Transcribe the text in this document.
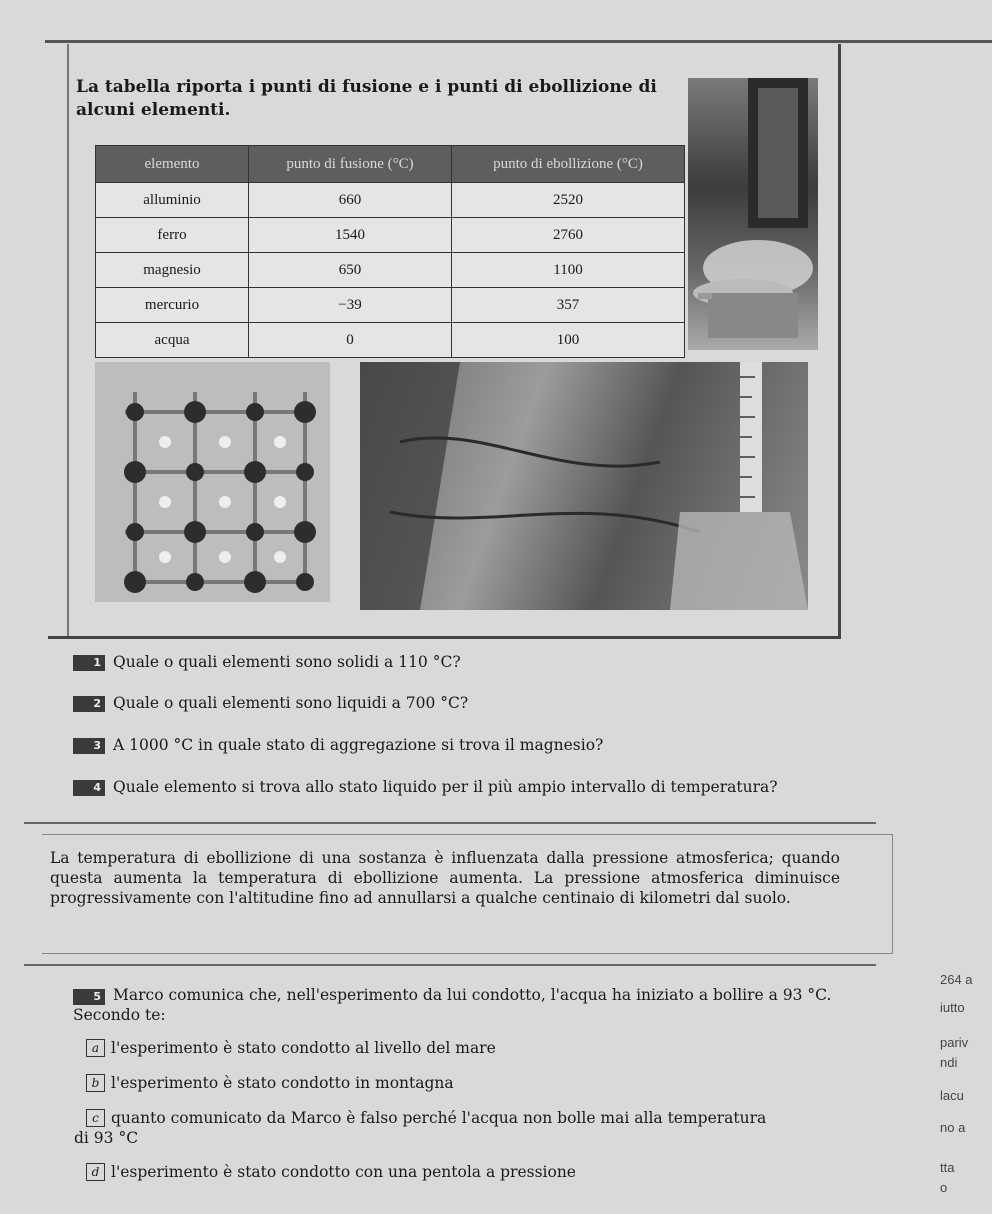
La tabella riporta i punti di fusione e i punti di ebollizione di alcuni elementi.
elemento	punto di fusione (°C)	punto di ebollizione (°C)
alluminio	660	2520
ferro	1540	2760
magnesio	650	1100
mercurio	−39	357
acqua	0	100
1 Quale o quali elementi sono solidi a 110 °C?
2 Quale o quali elementi sono liquidi a 700 °C?
3 A 1000 °C in quale stato di aggregazione si trova il magnesio?
4 Quale elemento si trova allo stato liquido per il più ampio intervallo di temperatura?
La temperatura di ebollizione di una sostanza è influenzata dalla pressione atmosferica; quando questa aumenta la temperatura di ebollizione aumenta. La pressione atmosferica diminuisce progressivamente con l'altitudine fino ad annullarsi a qualche centinaio di kilometri dal suolo.
5 Marco comunica che, nell'esperimento da lui condotto, l'acqua ha iniziato a bollire a 93 °C.
Secondo te:
a l'esperimento è stato condotto al livello del mare
b l'esperimento è stato condotto in montagna
c quanto comunicato da Marco è falso perché l'acqua non bolle mai alla temperatura
di 93 °C
d l'esperimento è stato condotto con una pentola a pressione
264 a
iutto
pariv
ndi
lacu
no a
tta
o
